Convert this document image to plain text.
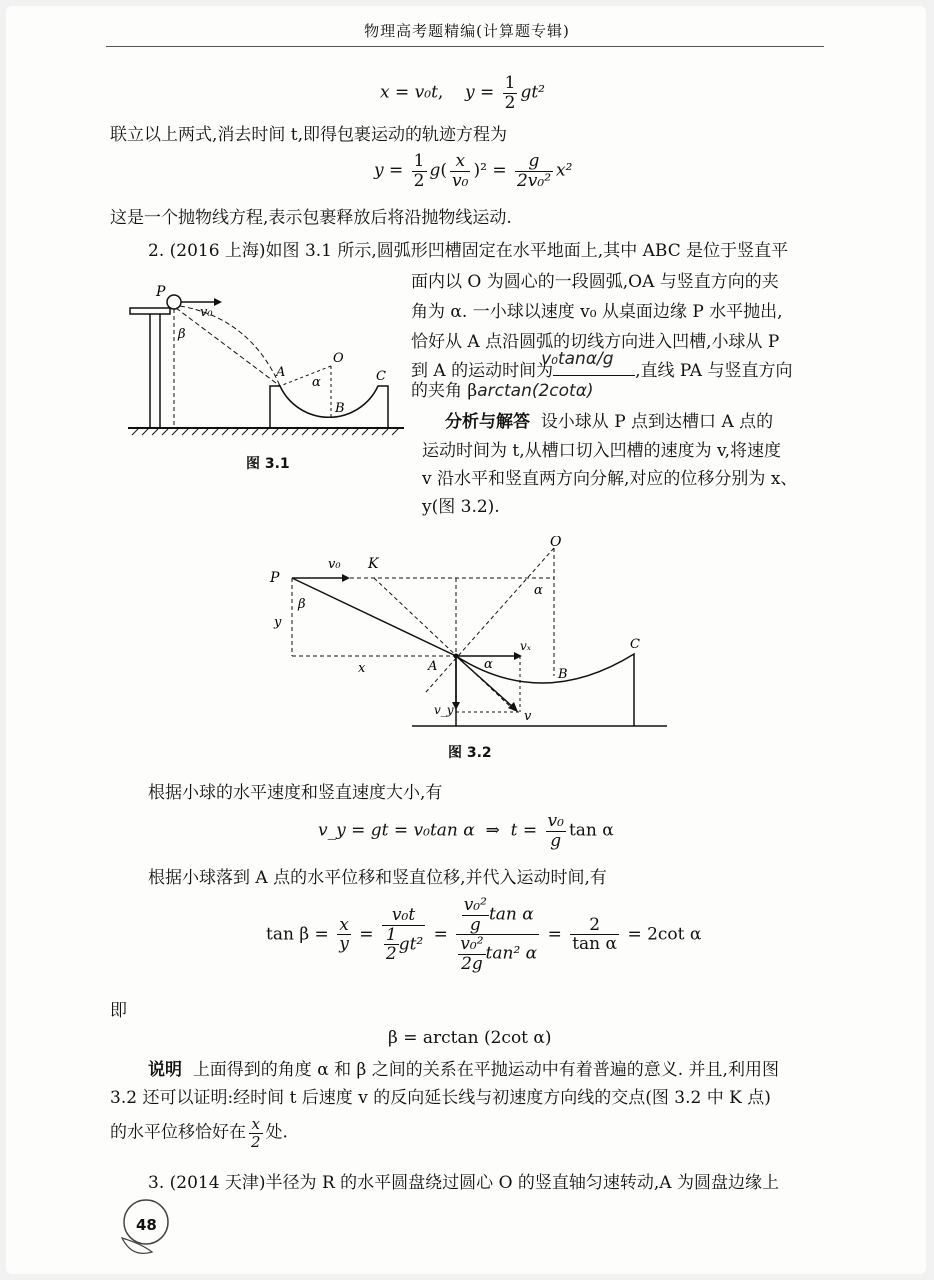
物理高考题精编(计算题专辑)
x = v₀t, $y = \frac{1}{2} gt^2$
联立以上两式,消去时间 t,即得包裹运动的轨迹方程为
$y = \frac{1}{2} g( \frac{x}{\text{v₀}} )^2 = \frac{g}{\text{2v₀²}} x^2$
这是一个抛物线方程,表示包裹释放后将沿抛物线运动.
2. (2016 上海)如图 3.1 所示,圆弧形凹槽固定在水平地面上,其中 ABC 是位于竖直平
面内以 O 为圆心的一段圆弧,OA 与竖直方向的夹
角为 α. 一小球以速度 v₀ 从桌面边缘 P 水平抛出,
恰好从 A 点沿圆弧的切线方向进入凹槽,小球从 P
到 A 的运动时间为
v₀tanα/g
,直线 PA 与竖直方向
的夹角 βarctan(2cotα)
分析与解答 设小球从 P 点到达槽口 A 点的
运动时间为 t,从槽口切入凹槽的速度为 v,将速度
v 沿水平和竖直两方向分解,对应的位移分别为 x、
y(图 3.2).
P
v₀
β
O
α
A
B
C
图 3.1
P
v₀ K
O
β
y
α
x	A	α
vₓ
B
C
v_y	v
图 3.2
根据小球的水平速度和竖直速度大小,有
v_y = gt = v₀tan α ⇒ $t = \frac{\text{v₀}}{g}$ tan α
根据小球落到 A 点的水平位移和竖直位移,并代入运动时间,有
$\tan \beta = \frac{x}{y} = \frac{\text{v₀t}}{\frac{1}{2} gt^2} = \frac{\frac{\text{v₀²}}{g} \tan \alpha}{\frac{\text{v₀²}}{2g} \tan^2 \alpha} = \frac{2}{\text{tan α}} = 2\cot$ α
即
β = arctan (2cot α)
说明 上面得到的角度 α 和 β 之间的关系在平抛运动中有着普遍的意义. 并且,利用图
3.2 还可以证明:经时间 t 后速度 v 的反向延长线与初速度方向线的交点(图 3.2 中 K 点)
的水平位移恰好在 $\frac{x}{2}$ 处.
3. (2014 天津)半径为 R 的水平圆盘绕过圆心 O 的竖直轴匀速转动,A 为圆盘边缘上
48
